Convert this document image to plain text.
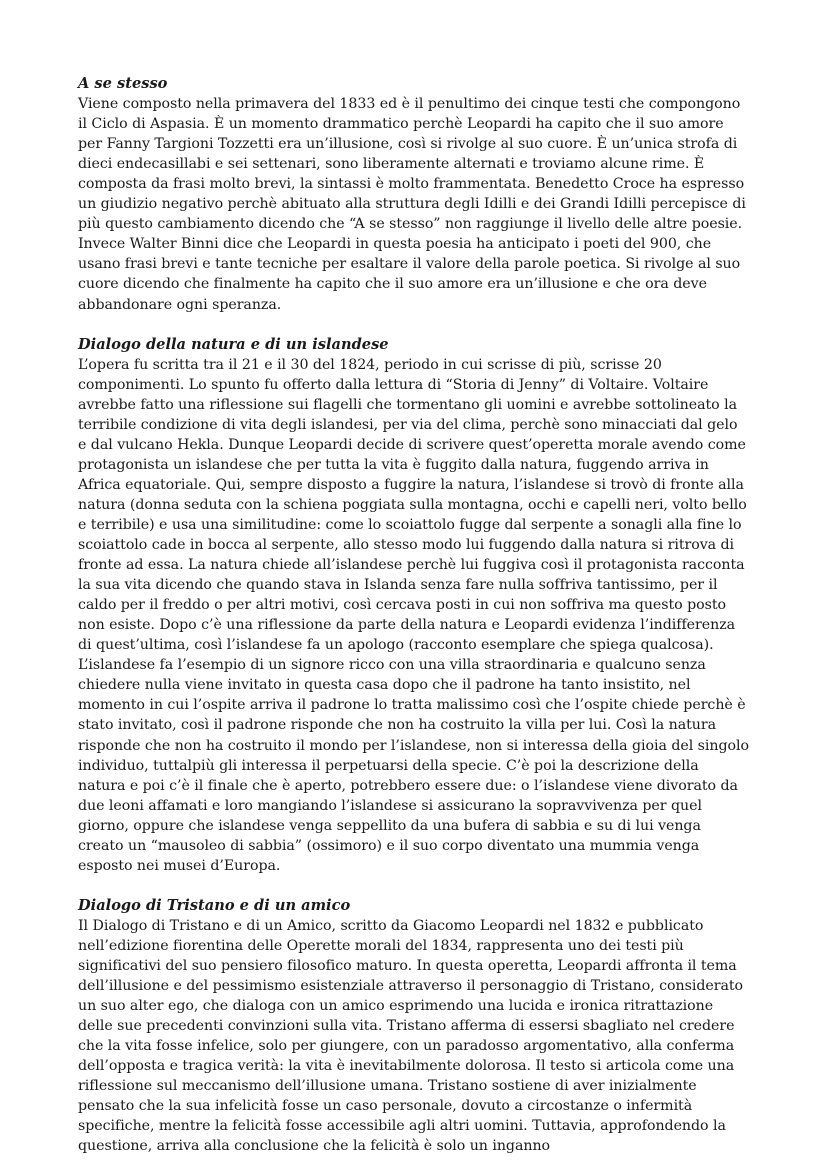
A se stesso

Viene composto nella primavera del 1833 ed è il penultimo dei cinque testi che compongono il Ciclo di Aspasia. È un momento drammatico perchè Leopardi ha capito che il suo amore per Fanny Targioni Tozzetti era un’illusione, così si rivolge al suo cuore. È un’unica strofa di dieci endecasillabi e sei settenari, sono liberamente alternati e troviamo alcune rime. È composta da frasi molto brevi, la sintassi è molto frammentata. Benedetto Croce ha espresso un giudizio negativo perchè abituato alla struttura degli Idilli e dei Grandi Idilli percepisce di più questo cambiamento dicendo che “A se stesso” non raggiunge il livello delle altre poesie. Invece Walter Binni dice che Leopardi in questa poesia ha anticipato i poeti del 900, che usano frasi brevi e tante tecniche per esaltare il valore della parole poetica. Si rivolge al suo cuore dicendo che finalmente ha capito che il suo amore era un’illusione e che ora deve abbandonare ogni speranza.

Dialogo della natura e di un islandese

L’opera fu scritta tra il 21 e il 30 del 1824, periodo in cui scrisse di più, scrisse 20 componimenti. Lo spunto fu offerto dalla lettura di “Storia di Jenny” di Voltaire. Voltaire avrebbe fatto una riflessione sui flagelli che tormentano gli uomini e avrebbe sottolineato la terribile condizione di vita degli islandesi, per via del clima, perchè sono minacciati dal gelo e dal vulcano Hekla. Dunque Leopardi decide di scrivere quest’operetta morale avendo come protagonista un islandese che per tutta la vita è fuggito dalla natura, fuggendo arriva in Africa equatoriale. Qui, sempre disposto a fuggire la natura, l’islandese si trovò di fronte alla natura (donna seduta con la schiena poggiata sulla montagna, occhi e capelli neri, volto bello e terribile) e usa una similitudine: come lo scoiattolo fugge dal serpente a sonagli alla fine lo scoiattolo cade in bocca al serpente, allo stesso modo lui fuggendo dalla natura si ritrova di fronte ad essa. La natura chiede all’islandese perchè lui fuggiva così il protagonista racconta la sua vita dicendo che quando stava in Islanda senza fare nulla soffriva tantissimo, per il caldo per il freddo o per altri motivi, così cercava posti in cui non soffriva ma questo posto non esiste. Dopo c’è una riflessione da parte della natura e Leopardi evidenza l’indifferenza di quest’ultima, così l’islandese fa un apologo (racconto esemplare che spiega qualcosa). L’islandese fa l’esempio di un signore ricco con una villa straordinaria e qualcuno senza chiedere nulla viene invitato in questa casa dopo che il padrone ha tanto insistito, nel momento in cui l’ospite arriva il padrone lo tratta malissimo così che l’ospite chiede perchè è stato invitato, così il padrone risponde che non ha costruito la villa per lui. Così la natura risponde che non ha costruito il mondo per l’islandese, non si interessa della gioia del singolo individuo, tuttalpiù gli interessa il perpetuarsi della specie. C’è poi la descrizione della natura e poi c’è il finale che è aperto, potrebbero essere due: o l’islandese viene divorato da due leoni affamati e loro mangiando l’islandese si assicurano la sopravvivenza per quel giorno, oppure che islandese venga seppellito da una bufera di sabbia e su di lui venga creato un “mausoleo di sabbia” (ossimoro) e il suo corpo diventato una mummia venga esposto nei musei d’Europa.

Dialogo di Tristano e di un amico

Il Dialogo di Tristano e di un Amico, scritto da Giacomo Leopardi nel 1832 e pubblicato nell’edizione fiorentina delle Operette morali del 1834, rappresenta uno dei testi più significativi del suo pensiero filosofico maturo. In questa operetta, Leopardi affronta il tema dell’illusione e del pessimismo esistenziale attraverso il personaggio di Tristano, considerato un suo alter ego, che dialoga con un amico esprimendo una lucida e ironica ritrattazione delle sue precedenti convinzioni sulla vita. Tristano afferma di essersi sbagliato nel credere che la vita fosse infelice, solo per giungere, con un paradosso argomentativo, alla conferma dell’opposta e tragica verità: la vita è inevitabilmente dolorosa. Il testo si articola come una riflessione sul meccanismo dell’illusione umana. Tristano sostiene di aver inizialmente pensato che la sua infelicità fosse un caso personale, dovuto a circostanze o infermità specifiche, mentre la felicità fosse accessibile agli altri uomini. Tuttavia, approfondendo la questione, arriva alla conclusione che la felicità è solo un inganno
